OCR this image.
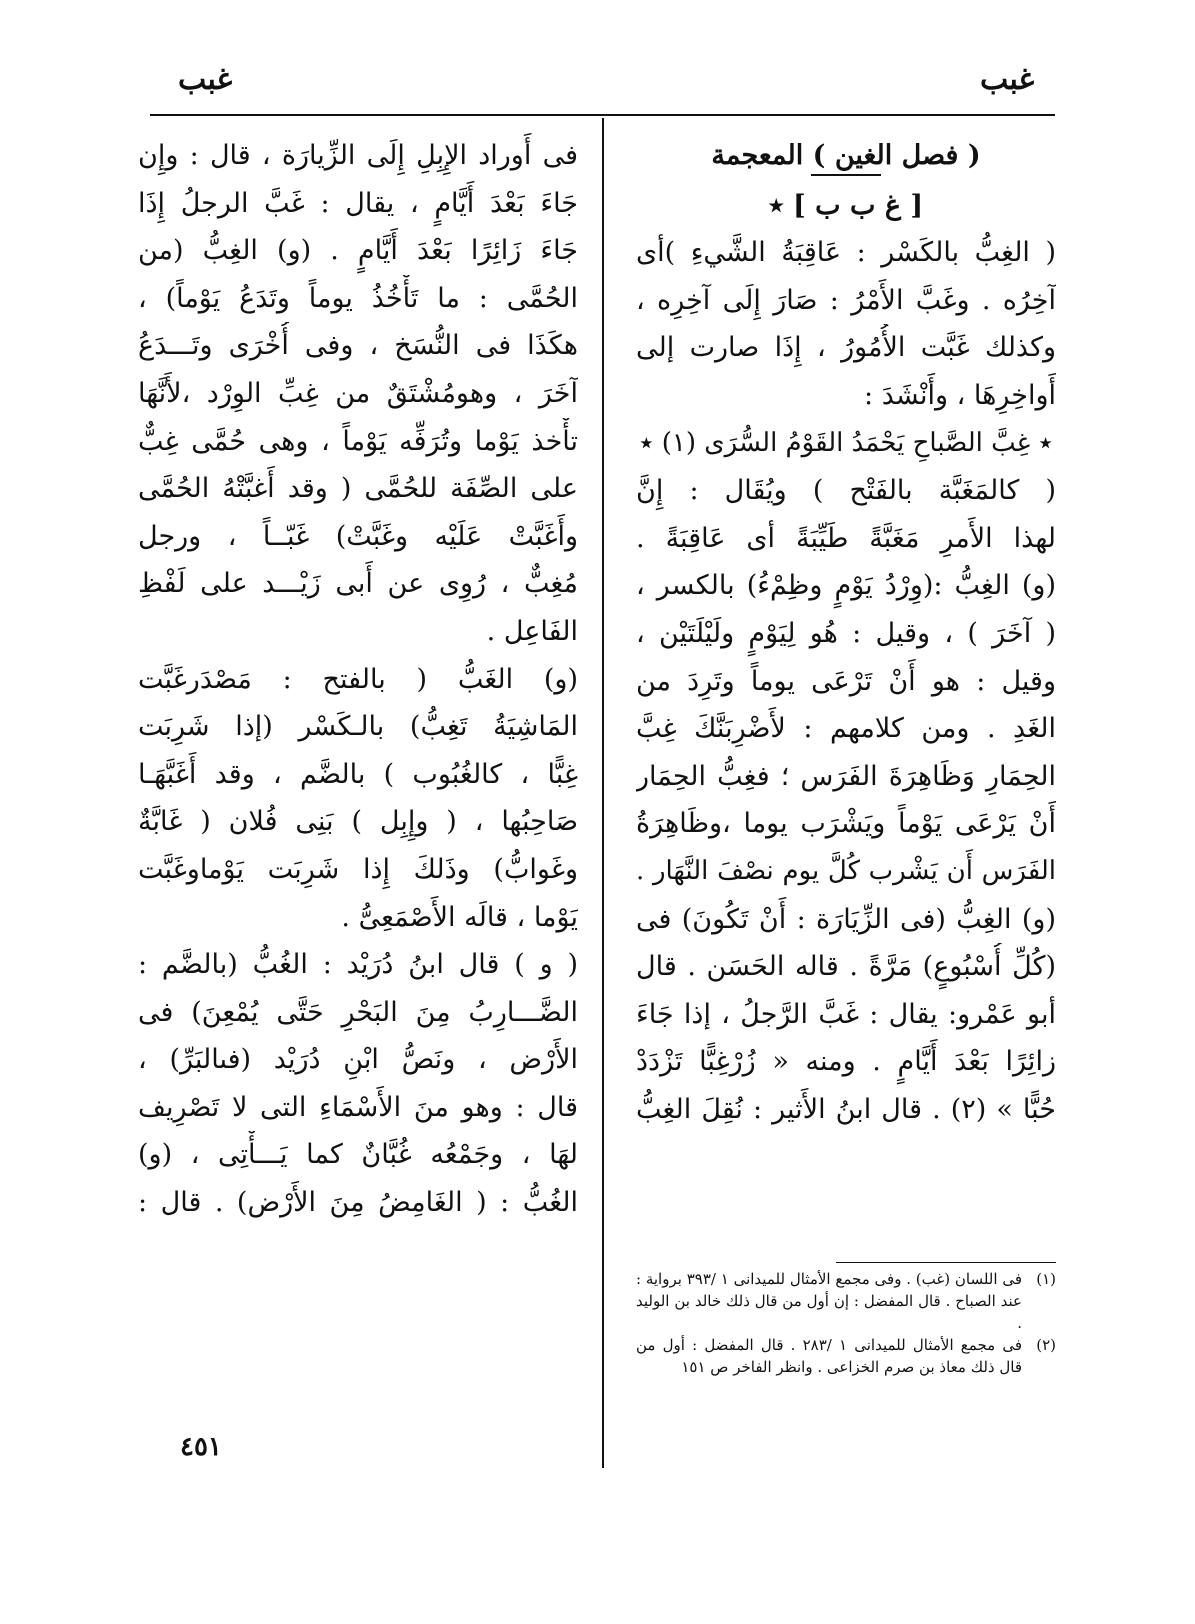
غبب
غبب
( فصل الغين ) المعجمة
[ غ ب ب ] ٭
( الغِبُّ بالكَسْر : عَاقِبَةُ الشَّيءِ )أى
آخِرُه . وغَبَّ الأَمْرُ : صَارَ إِلَى آخِرِه ،
وكذلك غَبَّت الأُمُورُ ، إِذَا صارت إلى
أَواخِرِهَا ، وأَنْشَدَ :
٭ غِبَّ الصَّباحِ يَحْمَدُ القَوْمُ السُّرَى (١) ٭
( كالمَغَبَّة بالفَتْح ) ويُقَال : إِنَّ
لهذا الأَمرِ مَغَبَّةً طَيِّبَةً أى عَاقِبَةً .
(و) الغِبُّ :(وِرْدُ يَوْمٍ وظِمْءُ) بالكسر ،
( آخَرَ ) ، وقيل : هُو لِيَوْمٍ ولَيْلَتَيْن ،
وقيل : هو أَنْ تَرْعَى يوماً وتَرِدَ من
الغَدِ . ومن كلامهم : لأَضْرِبَنَّكَ غِبَّ
الحِمَارِ وَظَاهِرَةَ الفَرَس ؛ فغِبُّ الحِمَار
أَنْ يَرْعَى يَوْماً ويَشْرَب يوما ،وظَاهِرَةُ
الفَرَس أَن يَشْرب كُلَّ يوم نصْفَ النَّهَار .
(و) الغِبُّ (فى الزِّيَارَة : أَنْ تَكُونَ) فى
(كُلِّ أُسْبُوعٍ) مَرَّةً . قاله الحَسَن . قال
أبو عَمْرو: يقال : غَبَّ الرَّجلُ ، إذا جَاءَ
زائِرًا بَعْدَ أَيَّامٍ . ومنه « زُرْغِبًّا تَزْدَدْ
حُبًّا » (٢) . قال ابنُ الأَثير : نُقِلَ الغِبُّ
(١)
فى اللسان (غب) . وفى مجمع الأمثال للميدانى ١ /٣٩٣ برواية : عند الصباح . قال المفضل : إن أول من قال ذلك خالد بن الوليد .
(٢)
فى مجمع الأمثال للميدانى ١ /٢٨٣ . قال المفضل : أول من قال ذلك معاذ بن صرم الخزاعى . وانظر الفاخر ص ١٥١
فى أَوراد الإِبِلِ إِلَى الزِّيارَة ، قال : وإِن
جَاءَ بَعْدَ أَيَّامٍ ، يقال : غَبَّ الرجلُ إِذَا
جَاءَ زَائِرًا بَعْدَ أَيَّامٍ . (و) الغِبُّ (من
الحُمَّى : ما تَأْخُذُ يوماً وتَدَعُ يَوْماً) ،
هكَذَا فى النُّسَخ ، وفى أُخْرَى وتَـــدَعُ
آخَرَ ، وهومُشْتَقٌ من غِبِّ الوِرْد ،لأَنَّهَا
تأْخذ يَوْما وتُرَفِّه يَوْماً ، وهى حُمَّى غِبٌّ
على الصِّفَة للحُمَّى ( وقد أَغبَّتْهُ الحُمَّى
وأَغَبَّتْ عَلَيْه وغَبَّتْ) غَبّــاً ، ورجل
مُغِبٌّ ، رُوِى عن أَبى زَيْـــد على لَفْظِ
الفَاعِل .
(و) الغَبُّ ( بالفتح : مَصْدَرغَبَّت
المَاشِيَةُ تَغِبُّ) بالـكَسْر (إذا شَرِبَت
غِبًّا ، كالغُبُوب ) بالضَّم ، وقد أَغَبَّهَـا
صَاحِبُها ، ( وإِبِل ) بَنِى فُلان ( غَابَّةٌ
وغَوابُّ) وذَلكَ إِذا شَرِبَت يَوْماوغَبَّت
يَوْما ، قالَه الأَصْمَعِىُّ .
( و ) قال ابنُ دُرَيْد : الغُبُّ (بالضَّم :
الضَّـــارِبُ مِنَ البَحْرِ حَتَّى يُمْعِنَ) فى
الأَرْض ، ونَصُّ ابْنِ دُرَيْد (فىالبَرِّ) ،
قال : وهو منَ الأَسْمَاءِ التى لا تَصْرِيف
لهَا ، وجَمْعُه غُبَّانٌ كما يَـــأْتِى ، (و)
الغُبُّ : ( الغَامِضُ مِنَ الأَرْض) . قال :
٤٥١
